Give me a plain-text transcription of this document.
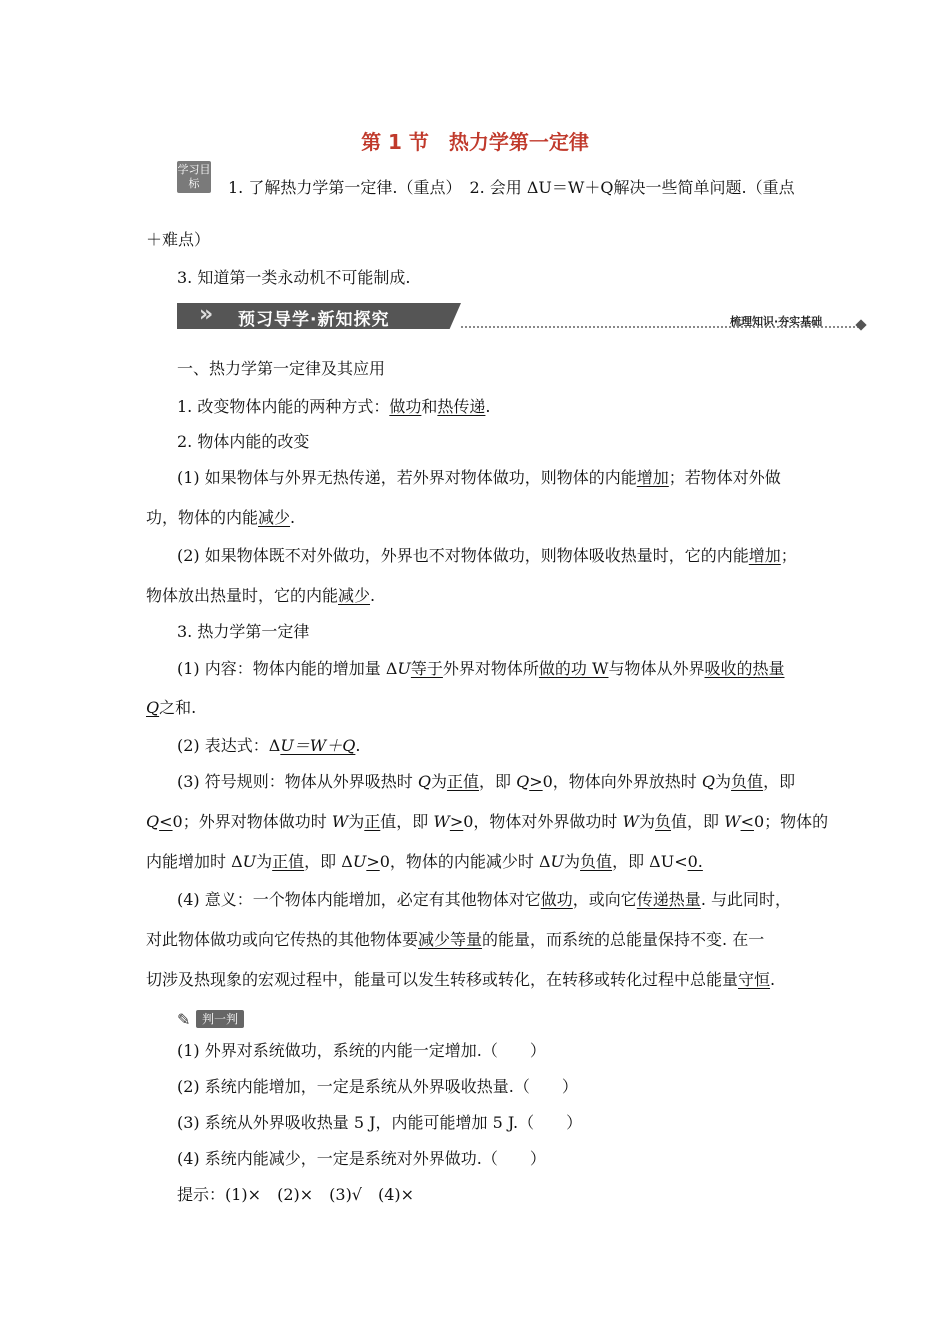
第 1 节　热力学第一定律
学习目标	1. 了解热力学第一定律.（重点）　2. 会用 ΔU＝W＋Q解决一些简单问题.（重点
＋难点）
3. 知道第一类永动机不可能制成.
» 预习导学·新知探究	梳理知识·夯实基础
一、热力学第一定律及其应用
1. 改变物体内能的两种方式：做功和热传递.
2. 物体内能的改变
(1) 如果物体与外界无热传递，若外界对物体做功，则物体的内能增加；若物体对外做
功，物体的内能减少.
(2) 如果物体既不对外做功，外界也不对物体做功，则物体吸收热量时，它的内能增加；
物体放出热量时，它的内能减少.
3. 热力学第一定律
(1) 内容：物体内能的增加量 ΔU等于外界对物体所做的功 W与物体从外界吸收的热量
Q之和.
(2) 表达式：ΔU＝W＋Q.
(3) 符号规则：物体从外界吸热时 Q为正值，即 Q>0，物体向外界放热时 Q为负值，即
Q<0；外界对物体做功时 W为正值，即 W>0，物体对外界做功时 W为负值，即 W<0；物体的
内能增加时 ΔU为正值，即 ΔU>0，物体的内能减少时 ΔU为负值，即 ΔU<0.
(4) 意义：一个物体内能增加，必定有其他物体对它做功，或向它传递热量. 与此同时，
对此物体做功或向它传热的其他物体要减少等量的能量，而系统的总能量保持不变. 在一
切涉及热现象的宏观过程中，能量可以发生转移或转化，在转移或转化过程中总能量守恒.
✎ 判一判
(1) 外界对系统做功，系统的内能一定增加.（　　）
(2) 系统内能增加，一定是系统从外界吸收热量.（　　）
(3) 系统从外界吸收热量 5 J，内能可能增加 5 J.（　　）
(4) 系统内能减少，一定是系统对外界做功.（　　）
提示：(1)×　(2)×　(3)√　(4)×
